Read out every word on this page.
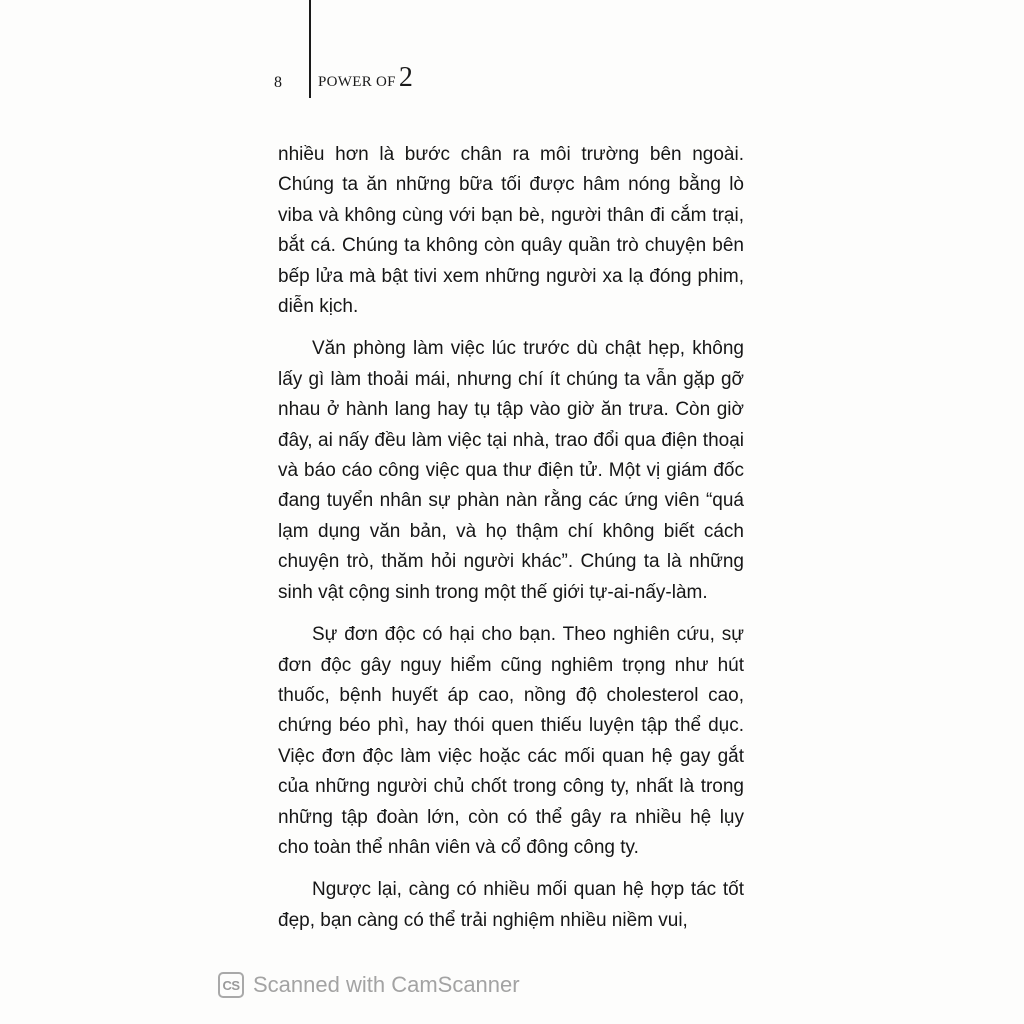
8 POWER OF 2

nhiều hơn là bước chân ra môi trường bên ngoài. Chúng ta ăn những bữa tối được hâm nóng bằng lò viba và không cùng với bạn bè, người thân đi cắm trại, bắt cá. Chúng ta không còn quây quần trò chuyện bên bếp lửa mà bật tivi xem những người xa lạ đóng phim, diễn kịch.

Văn phòng làm việc lúc trước dù chật hẹp, không lấy gì làm thoải mái, nhưng chí ít chúng ta vẫn gặp gỡ nhau ở hành lang hay tụ tập vào giờ ăn trưa. Còn giờ đây, ai nấy đều làm việc tại nhà, trao đổi qua điện thoại và báo cáo công việc qua thư điện tử. Một vị giám đốc đang tuyển nhân sự phàn nàn rằng các ứng viên “quá lạm dụng văn bản, và họ thậm chí không biết cách chuyện trò, thăm hỏi người khác”. Chúng ta là những sinh vật cộng sinh trong một thế giới tự-ai-nấy-làm.

Sự đơn độc có hại cho bạn. Theo nghiên cứu, sự đơn độc gây nguy hiểm cũng nghiêm trọng như hút thuốc, bệnh huyết áp cao, nồng độ cholesterol cao, chứng béo phì, hay thói quen thiếu luyện tập thể dục. Việc đơn độc làm việc hoặc các mối quan hệ gay gắt của những người chủ chốt trong công ty, nhất là trong những tập đoàn lớn, còn có thể gây ra nhiều hệ lụy cho toàn thể nhân viên và cổ đông công ty.

Ngược lại, càng có nhiều mối quan hệ hợp tác tốt đẹp, bạn càng có thể trải nghiệm nhiều niềm vui,

CS Scanned with CamScanner
